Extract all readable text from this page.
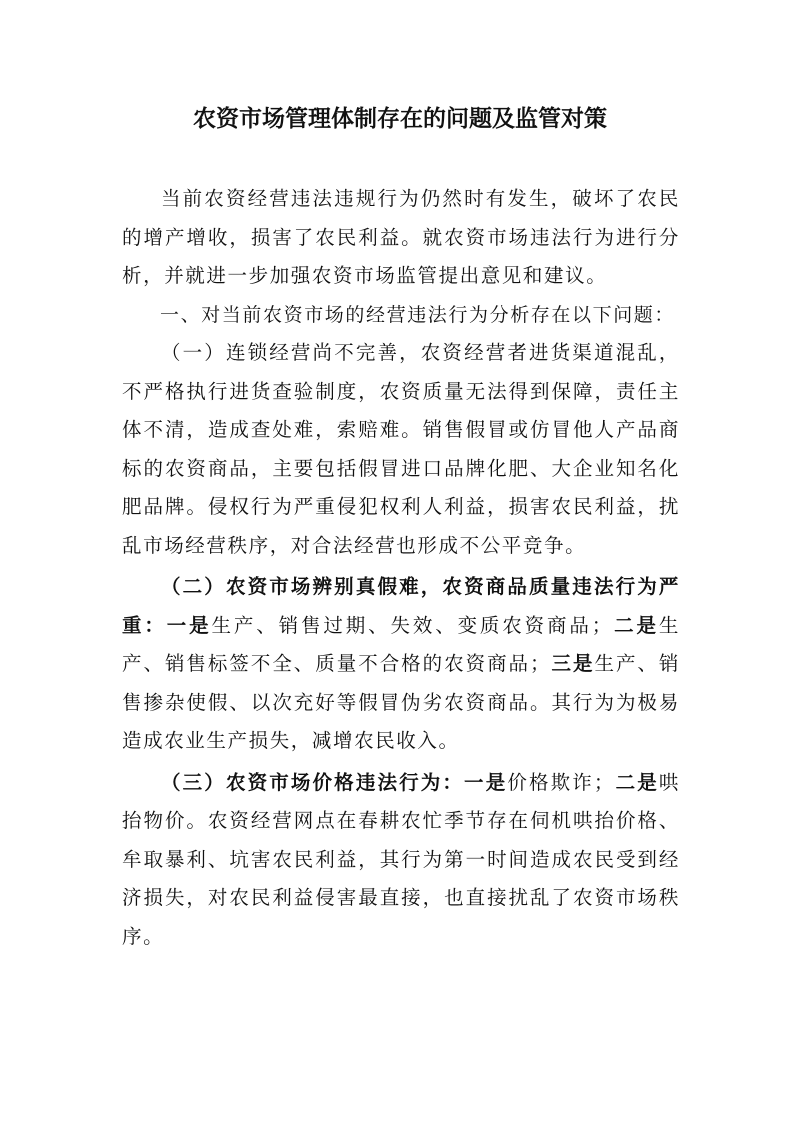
农资市场管理体制存在的问题及监管对策

当前农资经营违法违规行为仍然时有发生，破坏了农民的增产增收，损害了农民利益。就农资市场违法行为进行分析，并就进一步加强农资市场监管提出意见和建议。

一、对当前农资市场的经营违法行为分析存在以下问题：

（一）连锁经营尚不完善，农资经营者进货渠道混乱，不严格执行进货查验制度，农资质量无法得到保障，责任主体不清，造成查处难，索赔难。销售假冒或仿冒他人产品商标的农资商品，主要包括假冒进口品牌化肥、大企业知名化肥品牌。侵权行为严重侵犯权利人利益，损害农民利益，扰乱市场经营秩序，对合法经营也形成不公平竞争。

（二）农资市场辨别真假难，农资商品质量违法行为严重：一是生产、销售过期、失效、变质农资商品；二是生产、销售标签不全、质量不合格的农资商品；三是生产、销售掺杂使假、以次充好等假冒伪劣农资商品。其行为为极易造成农业生产损失，减增农民收入。

（三）农资市场价格违法行为：一是价格欺诈；二是哄抬物价。农资经营网点在春耕农忙季节存在伺机哄抬价格、牟取暴利、坑害农民利益，其行为第一时间造成农民受到经济损失，对农民利益侵害最直接，也直接扰乱了农资市场秩序。
